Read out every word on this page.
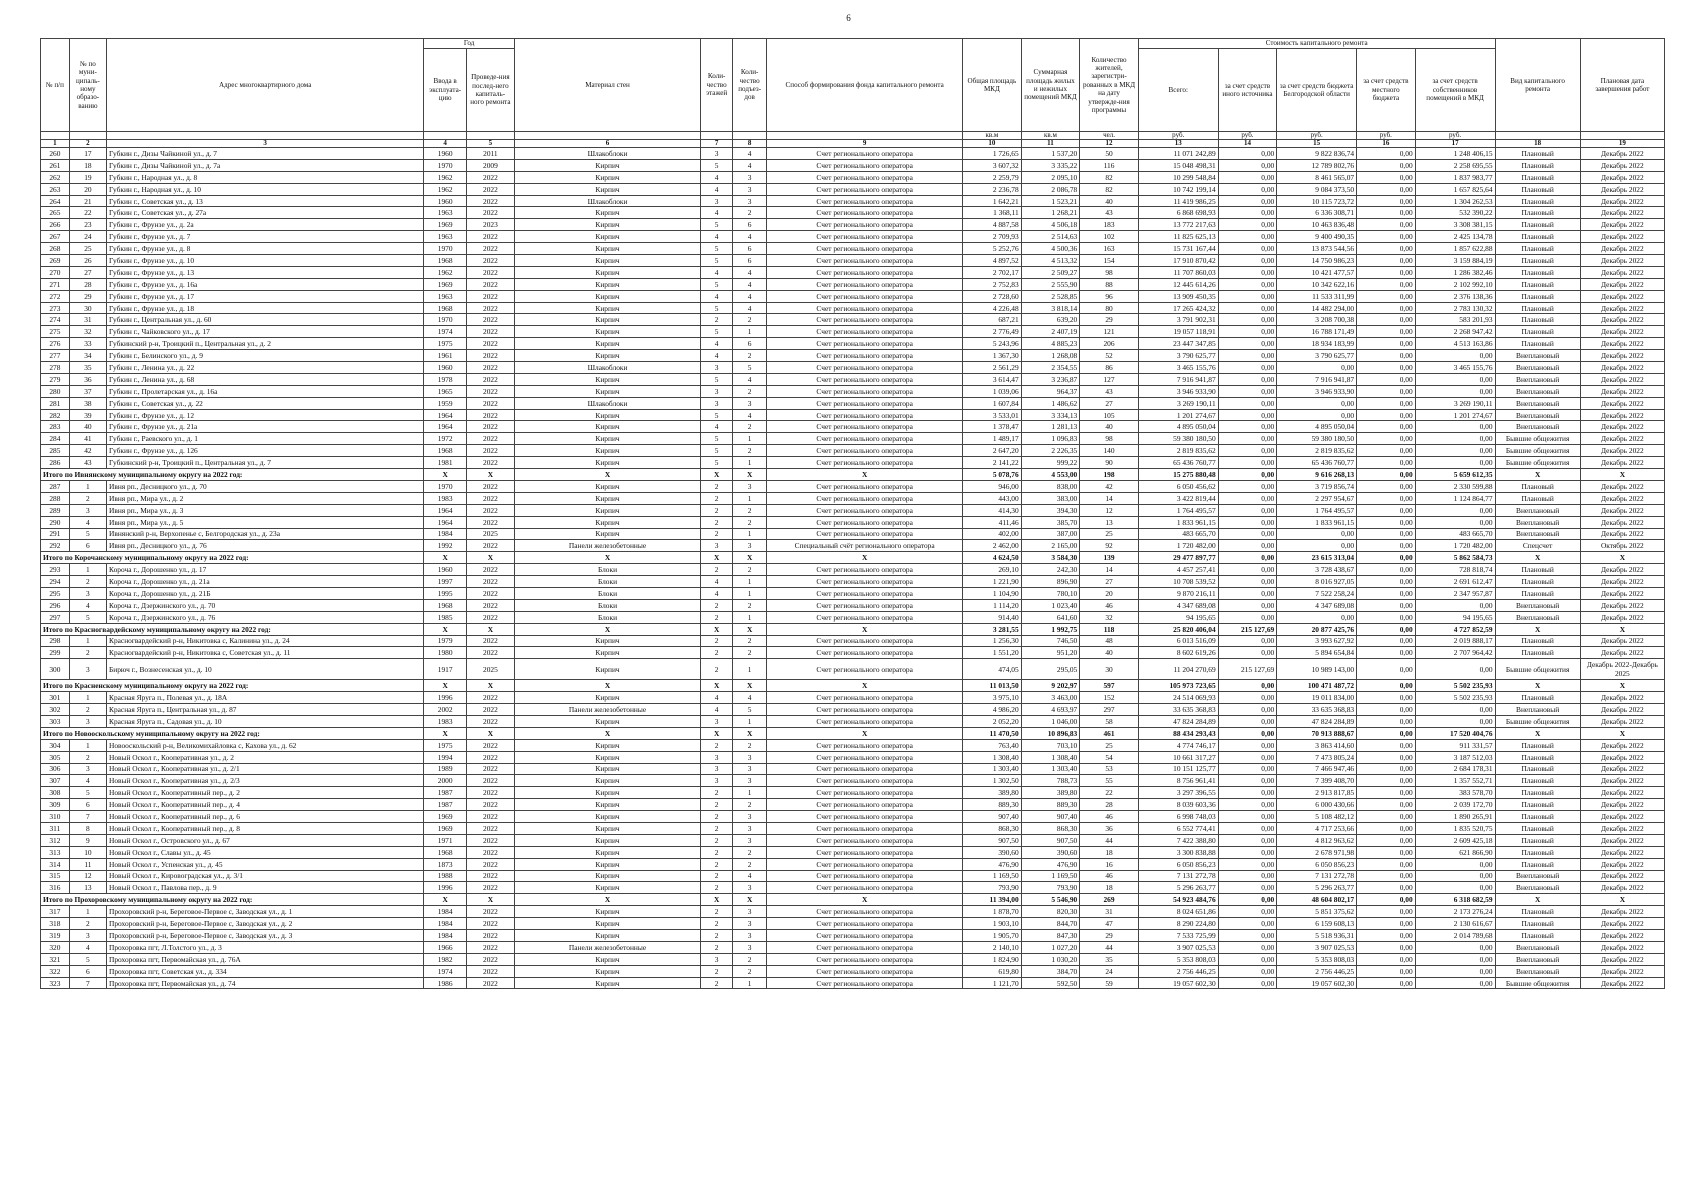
6
№ п/п	№ по муни-ципаль-ному образо-ванию	Адрес многоквартирного дома	Год		Материал стен	Коли-чество этажей	Коли-чество подъез-дов	Способ формирования фонда капитального ремонта	Общая площадь МКД	Суммарная площадь жилых и нежилых помещений МКД	Количество жителей, зарегистри-рованных в МКД на дату утвержде-ния программы	Стоимость капитального ремонта					Вид капитального ремонта	Плановая дата завершения работ
			Ввода в эксплуата-цию	Проведе-ния послед-него капиталь-ного ремонта								Всего:	за счет средств иного источника	за счет средств бюджета Белгородской области	за счет средств местного бюджета	за счет средств собственников помещений в МКД		
									кв.м	кв.м	чел.	руб.	руб.	руб.	руб.	руб.		
1	2	3	4	5	6	7	8	9	10	11	12	13	14	15	16	17	18	19
260	17	Губкин г., Дизы Чайкиной ул., д. 7	1960	2011	Шлакоблоки	3	4	Счет регионального оператора	1 726,65	1 537,20	50	11 071 242,89	0,00	9 822 836,74	0,00	1 248 406,15	Плановый	Декабрь 2022
261	18	Губкин г., Дизы Чайкиной ул., д. 7а	1970	2009	Кирпич	5	4	Счет регионального оператора	3 607,32	3 335,22	116	15 048 498,31	0,00	12 789 802,76	0,00	2 258 695,55	Плановый	Декабрь 2022
262	19	Губкин г., Народная ул., д. 8	1962	2022	Кирпич	4	3	Счет регионального оператора	2 259,79	2 095,10	82	10 299 548,84	0,00	8 461 565,07	0,00	1 837 983,77	Плановый	Декабрь 2022
263	20	Губкин г., Народная ул., д. 10	1962	2022	Кирпич	4	3	Счет регионального оператора	2 236,78	2 086,78	82	10 742 199,14	0,00	9 084 373,50	0,00	1 657 825,64	Плановый	Декабрь 2022
264	21	Губкин г., Советская ул., д. 13	1960	2022	Шлакоблоки	3	3	Счет регионального оператора	1 642,21	1 523,21	40	11 419 986,25	0,00	10 115 723,72	0,00	1 304 262,53	Плановый	Декабрь 2022
265	22	Губкин г., Советская ул., д. 27а	1963	2022	Кирпич	4	2	Счет регионального оператора	1 368,11	1 268,21	43	6 868 698,93	0,00	6 336 308,71	0,00	532 390,22	Плановый	Декабрь 2022
266	23	Губкин г., Фрунзе ул., д. 2а	1969	2023	Кирпич	5	6	Счет регионального оператора	4 887,58	4 506,18	183	13 772 217,63	0,00	10 463 836,48	0,00	3 308 381,15	Плановый	Декабрь 2022
267	24	Губкин г., Фрунзе ул., д. 7	1963	2022	Кирпич	4	4	Счет регионального оператора	2 709,93	2 514,63	102	11 825 625,13	0,00	9 400 490,35	0,00	2 425 134,78	Плановый	Декабрь 2022
268	25	Губкин г., Фрунзе ул., д. 8	1970	2022	Кирпич	5	6	Счет регионального оператора	5 252,76	4 500,36	163	15 731 167,44	0,00	13 873 544,56	0,00	1 857 622,88	Плановый	Декабрь 2022
269	26	Губкин г., Фрунзе ул., д. 10	1968	2022	Кирпич	5	6	Счет регионального оператора	4 897,52	4 513,32	154	17 910 870,42	0,00	14 750 986,23	0,00	3 159 884,19	Плановый	Декабрь 2022
270	27	Губкин г., Фрунзе ул., д. 13	1962	2022	Кирпич	4	4	Счет регионального оператора	2 702,17	2 509,27	98	11 707 860,03	0,00	10 421 477,57	0,00	1 286 382,46	Плановый	Декабрь 2022
271	28	Губкин г., Фрунзе ул., д. 16а	1969	2022	Кирпич	5	4	Счет регионального оператора	2 752,83	2 555,90	88	12 445 614,26	0,00	10 342 622,16	0,00	2 102 992,10	Плановый	Декабрь 2022
272	29	Губкин г., Фрунзе ул., д. 17	1963	2022	Кирпич	4	4	Счет регионального оператора	2 728,60	2 528,85	96	13 909 450,35	0,00	11 533 311,99	0,00	2 376 138,36	Плановый	Декабрь 2022
273	30	Губкин г., Фрунзе ул., д. 18	1968	2022	Кирпич	5	4	Счет регионального оператора	4 226,48	3 818,14	80	17 265 424,32	0,00	14 482 294,00	0,00	2 783 130,32	Плановый	Декабрь 2022
274	31	Губкин г., Центральная ул., д. 60	1970	2022	Кирпич	2	2	Счет регионального оператора	687,21	639,20	29	3 791 902,31	0,00	3 208 700,38	0,00	583 201,93	Плановый	Декабрь 2022
275	32	Губкин г., Чайковского ул., д. 17	1974	2022	Кирпич	5	1	Счет регионального оператора	2 776,49	2 407,19	121	19 057 118,91	0,00	16 788 171,49	0,00	2 268 947,42	Плановый	Декабрь 2022
276	33	Губкинский р-н, Троицкий п., Центральная ул., д. 2	1975	2022	Кирпич	4	6	Счет регионального оператора	5 243,96	4 885,23	206	23 447 347,85	0,00	18 934 183,99	0,00	4 513 163,86	Плановый	Декабрь 2022
277	34	Губкин г., Белинского ул., д. 9	1961	2022	Кирпич	4	2	Счет регионального оператора	1 367,30	1 268,08	52	3 790 625,77	0,00	3 790 625,77	0,00	0,00	Внеплановый	Декабрь 2022
278	35	Губкин г., Ленина ул., д. 22	1960	2022	Шлакоблоки	3	5	Счет регионального оператора	2 561,29	2 354,55	86	3 465 155,76	0,00	0,00	0,00	3 465 155,76	Внеплановый	Декабрь 2022
279	36	Губкин г., Ленина ул., д. 68	1978	2022	Кирпич	5	4	Счет регионального оператора	3 614,47	3 236,87	127	7 916 941,87	0,00	7 916 941,87	0,00	0,00	Внеплановый	Декабрь 2022
280	37	Губкин г., Пролетарская ул., д. 16а	1965	2022	Кирпич	3	2	Счет регионального оператора	1 039,06	964,37	43	3 946 933,90	0,00	3 946 933,90	0,00	0,00	Внеплановый	Декабрь 2022
281	38	Губкин г., Советская ул., д. 22	1959	2022	Шлакоблоки	3	3	Счет регионального оператора	1 607,84	1 486,62	27	3 269 190,11	0,00	0,00	0,00	3 269 190,11	Внеплановый	Декабрь 2022
282	39	Губкин г., Фрунзе ул., д. 12	1964	2022	Кирпич	5	4	Счет регионального оператора	3 533,01	3 334,13	105	1 201 274,67	0,00	0,00	0,00	1 201 274,67	Внеплановый	Декабрь 2022
283	40	Губкин г., Фрунзе ул., д. 21а	1964	2022	Кирпич	4	2	Счет регионального оператора	1 378,47	1 281,13	40	4 895 050,04	0,00	4 895 050,04	0,00	0,00	Внеплановый	Декабрь 2022
284	41	Губкин г., Раевского ул., д. 1	1972	2022	Кирпич	5	1	Счет регионального оператора	1 489,17	1 096,83	98	59 380 180,50	0,00	59 380 180,50	0,00	0,00	Бывшие общежития	Декабрь 2022
285	42	Губкин г., Фрунзе ул., д. 126	1968	2022	Кирпич	5	2	Счет регионального оператора	2 647,20	2 226,35	140	2 819 835,62	0,00	2 819 835,62	0,00	0,00	Бывшие общежития	Декабрь 2022
286	43	Губкинский р-н, Троицкий п., Центральная ул., д. 7	1981	2022	Кирпич	5	1	Счет регионального оператора	2 141,22	999,22	90	65 436 760,77	0,00	65 436 760,77	0,00	0,00	Бывшие общежития	Декабрь 2022
Итого по Ивнянскому муниципальному округу на 2022 год:			X	X	X	X	X	X	5 078,76	4 553,00	198	15 275 880,48	0,00	9 616 268,13	0,00	5 659 612,35	X	X
287	1	Ивня рп., Десницкого ул., д. 70	1970	2022	Кирпич	2	3	Счет регионального оператора	946,00	838,00	42	6 050 456,62	0,00	3 719 856,74	0,00	2 330 599,88	Плановый	Декабрь 2022
288	2	Ивня рп., Мира ул., д. 2	1983	2022	Кирпич	2	1	Счет регионального оператора	443,00	383,00	14	3 422 819,44	0,00	2 297 954,67	0,00	1 124 864,77	Плановый	Декабрь 2022
289	3	Ивня рп., Мира ул., д. 3	1964	2022	Кирпич	2	2	Счет регионального оператора	414,30	394,30	12	1 764 495,57	0,00	1 764 495,57	0,00	0,00	Внеплановый	Декабрь 2022
290	4	Ивня рп., Мира ул., д. 5	1964	2022	Кирпич	2	2	Счет регионального оператора	411,46	385,70	13	1 833 961,15	0,00	1 833 961,15	0,00	0,00	Внеплановый	Декабрь 2022
291	5	Ивнянский р-н, Верхопенье с, Белгородская ул., д. 23а	1984	2025	Кирпич	2	1	Счет регионального оператора	402,00	387,00	25	483 665,70	0,00	0,00	0,00	483 665,70	Внеплановый	Декабрь 2022
292	6	Ивня рп., Десницкого ул., д. 76	1992	2022	Панели железобетонные	3	3	Специальный счёт регионального оператора	2 462,00	2 165,00	92	1 720 482,00	0,00	0,00	0,00	1 720 482,00	Спецсчет	Октябрь 2022
Итого по Корочанскому муниципальному округу на 2022 год:			X	X	X	X	X	X	4 624,50	3 584,30	139	29 477 897,77	0,00	23 615 313,04	0,00	5 862 584,73	X	X
293	1	Короча г., Дорошенко ул., д. 17	1960	2022	Блоки	2	2	Счет регионального оператора	269,10	242,30	14	4 457 257,41	0,00	3 728 438,67	0,00	728 818,74	Плановый	Декабрь 2022
294	2	Короча г., Дорошенко ул., д. 21а	1997	2022	Блоки	4	1	Счет регионального оператора	1 221,90	896,90	27	10 708 539,52	0,00	8 016 927,05	0,00	2 691 612,47	Плановый	Декабрь 2022
295	3	Короча г., Дорошенко ул., д. 21Б	1995	2022	Блоки	4	1	Счет регионального оператора	1 104,90	780,10	20	9 870 216,11	0,00	7 522 258,24	0,00	2 347 957,87	Плановый	Декабрь 2022
296	4	Короча г., Дзержинского ул., д. 70	1968	2022	Блоки	2	2	Счет регионального оператора	1 114,20	1 023,40	46	4 347 689,08	0,00	4 347 689,08	0,00	0,00	Внеплановый	Декабрь 2022
297	5	Короча г., Дзержинского ул., д. 76	1985	2022	Блоки	2	1	Счет регионального оператора	914,40	641,60	32	94 195,65	0,00	0,00	0,00	94 195,65	Внеплановый	Декабрь 2022
Итого по Красногвардейскому муниципальному округу на 2022 год:			X	X	X	X	X	X	3 281,55	1 992,75	118	25 820 406,04	215 127,69	20 877 425,76	0,00	4 727 852,59	X	X
298	1	Красногвардейский р-н, Никитовка с, Калинина ул., д. 24	1979	2022	Кирпич	2	2	Счет регионального оператора	1 256,30	746,50	48	6 013 516,09	0,00	3 993 627,92	0,00	2 019 888,17	Плановый	Декабрь 2022
299	2	Красногвардейский р-н, Никитовка с, Советская ул., д. 11	1980	2022	Кирпич	2	2	Счет регионального оператора	1 551,20	951,20	40	8 602 619,26	0,00	5 894 654,84	0,00	2 707 964,42	Плановый	Декабрь 2022
300	3	Бирюч г., Вознесенская ул., д. 10	1917	2025	Кирпич	2	1	Счет регионального оператора	474,05	295,05	30	11 204 270,69	215 127,69	10 989 143,00	0,00	0,00	Бывшие общежития	Декабрь 2022-Декабрь 2025
Итого по Красненскому муниципальному округу на 2022 год:			X	X	X	X	X	X	11 013,50	9 202,97	597	105 973 723,65	0,00	100 471 487,72	0,00	5 502 235,93	X	X
301	1	Красная Яруга п., Полевая ул., д. 18А	1996	2022	Кирпич	4	4	Счет регионального оператора	3 975,10	3 463,00	152	24 514 069,93	0,00	19 011 834,00	0,00	5 502 235,93	Плановый	Декабрь 2022
302	2	Красная Яруга п., Центральная ул., д. 87	2002	2022	Панели железобетонные	4	5	Счет регионального оператора	4 986,20	4 693,97	297	33 635 368,83	0,00	33 635 368,83	0,00	0,00	Внеплановый	Декабрь 2022
303	3	Красная Яруга п., Садовая ул., д. 10	1983	2022	Кирпич	3	1	Счет регионального оператора	2 052,20	1 046,00	58	47 824 284,89	0,00	47 824 284,89	0,00	0,00	Бывшие общежития	Декабрь 2022
Итого по Новооскольскому муниципальному округу на 2022 год:			X	X	X	X	X	X	11 470,50	10 896,83	461	88 434 293,43	0,00	70 913 888,67	0,00	17 520 404,76	X	X
304	1	Новооскольский р-н, Великомихайловка с, Кахова ул., д. 62	1975	2022	Кирпич	2	2	Счет регионального оператора	763,40	703,10	25	4 774 746,17	0,00	3 863 414,60	0,00	911 331,57	Плановый	Декабрь 2022
305	2	Новый Оскол г., Кооперативная ул., д. 2	1994	2022	Кирпич	3	3	Счет регионального оператора	1 308,40	1 308,40	54	10 661 317,27	0,00	7 473 805,24	0,00	3 187 512,03	Плановый	Декабрь 2022
306	3	Новый Оскол г., Кооперативная ул., д. 2/1	1989	2022	Кирпич	3	3	Счет регионального оператора	1 303,40	1 303,40	53	10 151 125,77	0,00	7 466 947,46	0,00	2 684 178,31	Плановый	Декабрь 2022
307	4	Новый Оскол г., Кооперативная ул., д. 2/3	2000	2022	Кирпич	3	3	Счет регионального оператора	1 302,50	788,73	55	8 756 961,41	0,00	7 399 408,70	0,00	1 357 552,71	Плановый	Декабрь 2022
308	5	Новый Оскол г., Кооперативный пер., д. 2	1987	2022	Кирпич	2	1	Счет регионального оператора	389,80	389,80	22	3 297 396,55	0,00	2 913 817,85	0,00	383 578,70	Плановый	Декабрь 2022
309	6	Новый Оскол г., Кооперативный пер., д. 4	1987	2022	Кирпич	2	2	Счет регионального оператора	889,30	889,30	28	8 039 603,36	0,00	6 000 430,66	0,00	2 039 172,70	Плановый	Декабрь 2022
310	7	Новый Оскол г., Кооперативный пер., д. 6	1969	2022	Кирпич	2	3	Счет регионального оператора	907,40	907,40	46	6 998 748,03	0,00	5 108 482,12	0,00	1 890 265,91	Плановый	Декабрь 2022
311	8	Новый Оскол г., Кооперативный пер., д. 8	1969	2022	Кирпич	2	3	Счет регионального оператора	868,30	868,30	36	6 552 774,41	0,00	4 717 253,66	0,00	1 835 520,75	Плановый	Декабрь 2022
312	9	Новый Оскол г., Островского ул., д. 67	1971	2022	Кирпич	2	3	Счет регионального оператора	907,50	907,50	44	7 422 388,80	0,00	4 812 963,62	0,00	2 609 425,18	Плановый	Декабрь 2022
313	10	Новый Оскол г., Славы ул., д. 45	1968	2022	Кирпич	2	2	Счет регионального оператора	390,60	390,60	18	3 300 838,88	0,00	2 678 971,98	0,00	621 866,90	Плановый	Декабрь 2022
314	11	Новый Оскол г., Успенская ул., д. 45	1873	2022	Кирпич	2	2	Счет регионального оператора	476,90	476,90	16	6 050 856,23	0,00	6 050 856,23	0,00	0,00	Плановый	Декабрь 2022
315	12	Новый Оскол г., Кировоградская ул., д. 3/1	1988	2022	Кирпич	2	4	Счет регионального оператора	1 169,50	1 169,50	46	7 131 272,78	0,00	7 131 272,78	0,00	0,00	Внеплановый	Декабрь 2022
316	13	Новый Оскол г., Павлова пер., д. 9	1996	2022	Кирпич	2	3	Счет регионального оператора	793,90	793,90	18	5 296 263,77	0,00	5 296 263,77	0,00	0,00	Внеплановый	Декабрь 2022
Итого по Прохоровскому муниципальному округу на 2022 год:			X	X	X	X	X	X	11 394,00	5 546,90	269	54 923 484,76	0,00	48 604 802,17	0,00	6 318 682,59	X	X
317	1	Прохоровский р-н, Береговое-Первое с, Заводская ул., д. 1	1984	2022	Кирпич	2	3	Счет регионального оператора	1 878,70	820,30	31	8 024 651,86	0,00	5 851 375,62	0,00	2 173 276,24	Плановый	Декабрь 2022
318	2	Прохоровский р-н, Береговое-Первое с, Заводская ул., д. 2	1984	2022	Кирпич	2	3	Счет регионального оператора	1 903,10	844,70	47	8 290 224,80	0,00	6 159 608,13	0,00	2 130 616,67	Плановый	Декабрь 2022
319	3	Прохоровский р-н, Береговое-Первое с, Заводская ул., д. 3	1984	2022	Кирпич	2	3	Счет регионального оператора	1 905,70	847,30	29	7 533 725,99	0,00	5 518 936,31	0,00	2 014 789,68	Плановый	Декабрь 2022
320	4	Прохоровка пгт, Л.Толстого ул., д. 3	1966	2022	Панели железобетонные	2	3	Счет регионального оператора	2 140,10	1 027,20	44	3 907 025,53	0,00	3 907 025,53	0,00	0,00	Внеплановый	Декабрь 2022
321	5	Прохоровка пгт, Первомайская ул., д. 76А	1982	2022	Кирпич	3	2	Счет регионального оператора	1 824,90	1 030,20	35	5 353 808,03	0,00	5 353 808,03	0,00	0,00	Внеплановый	Декабрь 2022
322	6	Прохоровка пгт, Советская ул., д. 334	1974	2022	Кирпич	2	2	Счет регионального оператора	619,80	384,70	24	2 756 446,25	0,00	2 756 446,25	0,00	0,00	Внеплановый	Декабрь 2022
323	7	Прохоровка пгт, Первомайская ул., д. 74	1986	2022	Кирпич	2	1	Счет регионального оператора	1 121,70	592,50	59	19 057 602,30	0,00	19 057 602,30	0,00	0,00	Бывшие общежития	Декабрь 2022
